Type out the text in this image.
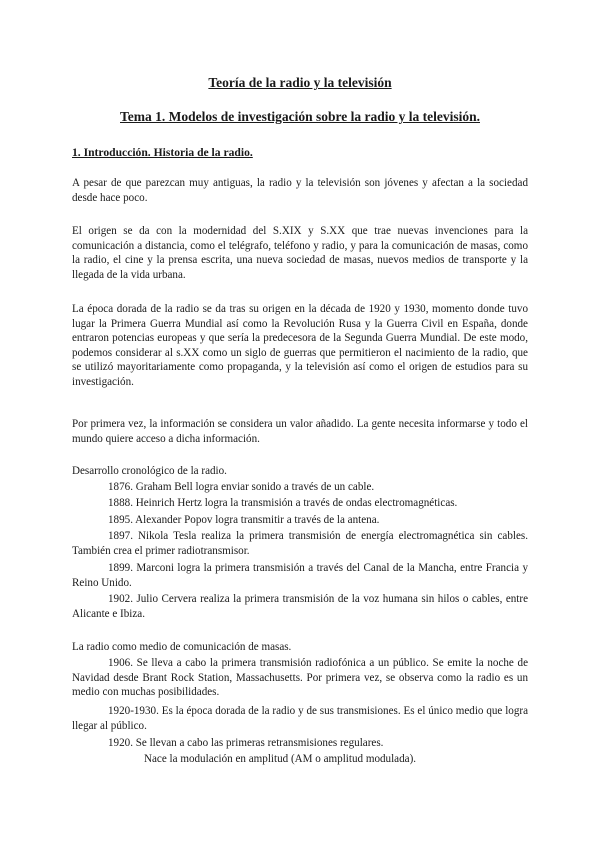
Teoría de la radio y la televisión

Tema 1. Modelos de investigación sobre la radio y la televisión.

1. Introducción. Historia de la radio.

A pesar de que parezcan muy antiguas, la radio y la televisión son jóvenes y afectan a la sociedad desde hace poco.

El origen se da con la modernidad del S.XIX y S.XX que trae nuevas invenciones para la comunicación a distancia, como el telégrafo, teléfono y radio, y para la comunicación de masas, como la radio, el cine y la prensa escrita, una nueva sociedad de masas, nuevos medios de transporte y la llegada de la vida urbana.

La época dorada de la radio se da tras su origen en la década de 1920 y 1930, momento donde tuvo lugar la Primera Guerra Mundial así como la Revolución Rusa y la Guerra Civil en España, donde entraron potencias europeas y que sería la predecesora de la Segunda Guerra Mundial. De este modo, podemos considerar al s.XX como un siglo de guerras que permitieron el nacimiento de la radio, que se utilizó mayoritariamente como propaganda, y la televisión así como el origen de estudios para su investigación.

Por primera vez, la información se considera un valor añadido. La gente necesita informarse y todo el mundo quiere acceso a dicha información.

Desarrollo cronológico de la radio.

1876. Graham Bell logra enviar sonido a través de un cable.

1888. Heinrich Hertz logra la transmisión a través de ondas electromagnéticas.

1895. Alexander Popov logra transmitir a través de la antena.

1897. Nikola Tesla realiza la primera transmisión de energía electromagnética sin cables. También crea el primer radiotransmisor.

1899. Marconi logra la primera transmisión a través del Canal de la Mancha, entre Francia y Reino Unido.

1902. Julio Cervera realiza la primera transmisión de la voz humana sin hilos o cables, entre Alicante e Ibiza.

La radio como medio de comunicación de masas.

1906. Se lleva a cabo la primera transmisión radiofónica a un público. Se emite la noche de Navidad desde Brant Rock Station, Massachusetts. Por primera vez, se observa como la radio es un medio con muchas posibilidades.

1920-1930. Es la época dorada de la radio y de sus transmisiones. Es el único medio que logra llegar al público.

1920. Se llevan a cabo las primeras retransmisiones regulares.

Nace la modulación en amplitud (AM o amplitud modulada).
